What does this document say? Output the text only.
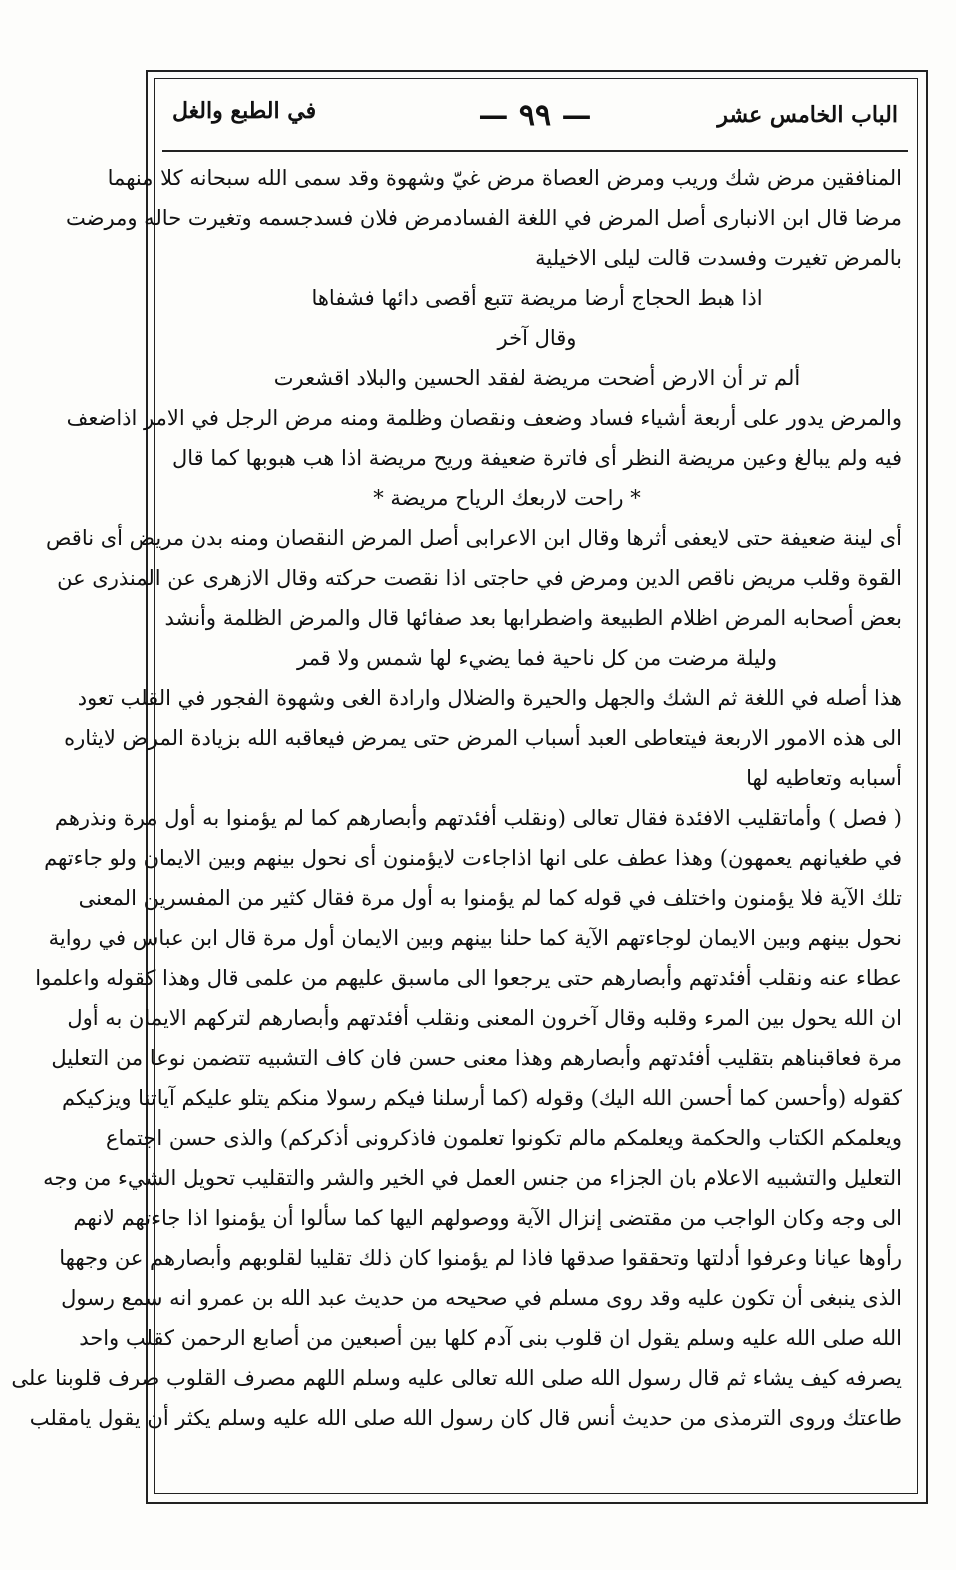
الباب الخامس عشر
— ٩٩ —
في الطبع والغل
المنافقين مرض شك وريب ومرض العصاة مرض غيّ وشهوة وقد سمى الله سبحانه كلا منهما
مرضا قال ابن الانبارى أصل المرض في اللغة الفسادمرض فلان فسدجسمه وتغيرت حاله ومرضت
بالمرض تغيرت وفسدت قالت ليلى الاخيلية
اذا هبط الحجاج أرضا مريضة تتبع أقصى دائها فشفاها
وقال آخر
ألم تر أن الارض أضحت مريضة لفقد الحسين والبلاد اقشعرت
والمرض يدور على أربعة أشياء فساد وضعف ونقصان وظلمة ومنه مرض الرجل في الامر اذاضعف
فيه ولم يبالغ وعين مريضة النظر أى فاترة ضعيفة وريح مريضة اذا هب هبوبها كما قال
* راحت لاربعك الرياح مريضة *
أى لينة ضعيفة حتى لايعفى أثرها وقال ابن الاعرابى أصل المرض النقصان ومنه بدن مريض أى ناقص
القوة وقلب مريض ناقص الدين ومرض في حاجتى اذا نقصت حركته وقال الازهرى عن المنذرى عن
بعض أصحابه المرض اظلام الطبيعة واضطرابها بعد صفائها قال والمرض الظلمة وأنشد
وليلة مرضت من كل ناحية فما يضيء لها شمس ولا قمر
هذا أصله في اللغة ثم الشك والجهل والحيرة والضلال وارادة الغى وشهوة الفجور في القلب تعود
الى هذه الامور الاربعة فيتعاطى العبد أسباب المرض حتى يمرض فيعاقبه الله بزيادة المرض لايثاره
أسبابه وتعاطيه لها
( فصل ) وأماتقليب الافئدة فقال تعالى (ونقلب أفئدتهم وأبصارهم كما لم يؤمنوا به أول مرة ونذرهم
في طغيانهم يعمهون) وهذا عطف على انها اذاجاءت لايؤمنون أى نحول بينهم وبين الايمان ولو جاءتهم
تلك الآية فلا يؤمنون واختلف في قوله كما لم يؤمنوا به أول مرة فقال كثير من المفسرين المعنى
نحول بينهم وبين الايمان لوجاءتهم الآية كما حلنا بينهم وبين الايمان أول مرة قال ابن عباس في رواية
عطاء عنه ونقلب أفئدتهم وأبصارهم حتى يرجعوا الى ماسبق عليهم من علمى قال وهذا كقوله واعلموا
ان الله يحول بين المرء وقلبه وقال آخرون المعنى ونقلب أفئدتهم وأبصارهم لتركهم الايمان به أول
مرة فعاقبناهم بتقليب أفئدتهم وأبصارهم وهذا معنى حسن فان كاف التشبيه تتضمن نوعا من التعليل
كقوله (وأحسن كما أحسن الله اليك) وقوله (كما أرسلنا فيكم رسولا منكم يتلو عليكم آياتنا ويزكيكم
ويعلمكم الكتاب والحكمة ويعلمكم مالم تكونوا تعلمون فاذكرونى أذكركم) والذى حسن اجتماع
التعليل والتشبيه الاعلام بان الجزاء من جنس العمل في الخير والشر والتقليب تحويل الشيء من وجه
الى وجه وكان الواجب من مقتضى إنزال الآية ووصولهم اليها كما سألوا أن يؤمنوا اذا جاءتهم لانهم
رأوها عيانا وعرفوا أدلتها وتحققوا صدقها فاذا لم يؤمنوا كان ذلك تقليبا لقلوبهم وأبصارهم عن وجهها
الذى ينبغى أن تكون عليه وقد روى مسلم في صحيحه من حديث عبد الله بن عمرو انه سمع رسول
الله صلى الله عليه وسلم يقول ان قلوب بنى آدم كلها بين أصبعين من أصابع الرحمن كقلب واحد
يصرفه كيف يشاء ثم قال رسول الله صلى الله تعالى عليه وسلم اللهم مصرف القلوب صرف قلوبنا على
طاعتك وروى الترمذى من حديث أنس قال كان رسول الله صلى الله عليه وسلم يكثر أن يقول يامقلب
